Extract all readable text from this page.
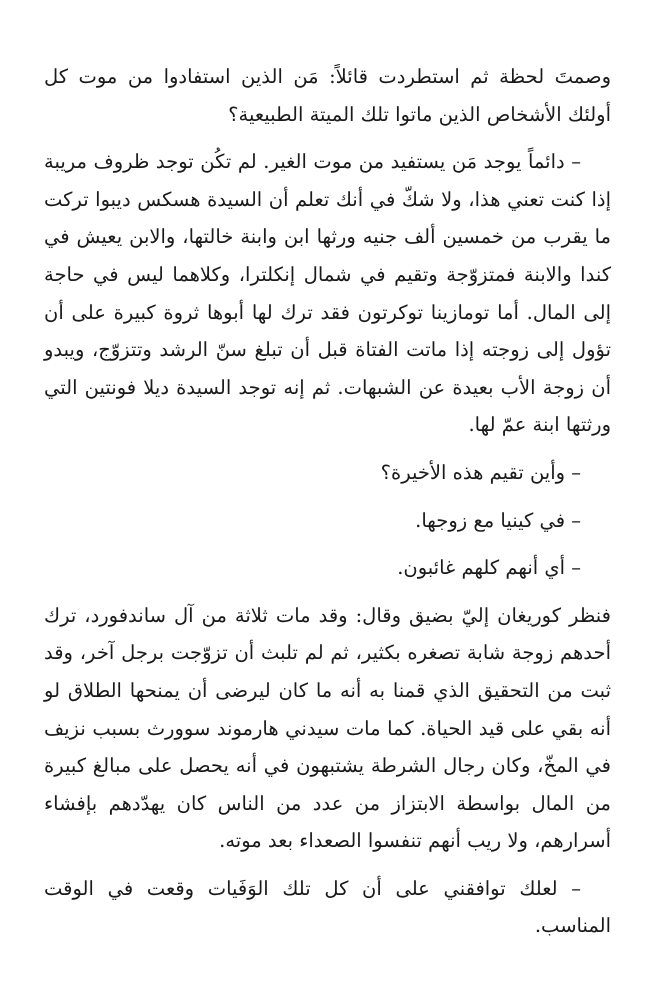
وصمتَ لحظة ثم استطردت قائلاً: مَن الذين استفادوا من موت كل أولئك الأشخاص الذين ماتوا تلك الميتة الطبيعية؟

– دائماً يوجد مَن يستفيد من موت الغير. لم تكُن توجد ظروف مريبة إذا كنت تعني هذا، ولا شكّ في أنك تعلم أن السيدة هسكس ديبوا تركت ما يقرب من خمسين ألف جنيه ورثها ابن وابنة خالتها، والابن يعيش في كندا والابنة فمتزوّجة وتقيم في شمال إنكلترا، وكلاهما ليس في حاجة إلى المال. أما تومازينا توكرتون فقد ترك لها أبوها ثروة كبيرة على أن تؤول إلى زوجته إذا ماتت الفتاة قبل أن تبلغ سنّ الرشد وتتزوّج، ويبدو أن زوجة الأب بعيدة عن الشبهات. ثم إنه توجد السيدة ديلا فونتين التي ورثتها ابنة عمّ لها.

– وأين تقيم هذه الأخيرة؟

– في كينيا مع زوجها.

– أي أنهم كلهم غائبون.

فنظر كوريغان إليّ بضيق وقال: وقد مات ثلاثة من آل ساندفورد، ترك أحدهم زوجة شابة تصغره بكثير، ثم لم تلبث أن تزوّجت برجل آخر، وقد ثبت من التحقيق الذي قمنا به أنه ما كان ليرضى أن يمنحها الطلاق لو أنه بقي على قيد الحياة. كما مات سيدني هارموند سوورث بسبب نزيف في المخّ، وكان رجال الشرطة يشتبهون في أنه يحصل على مبالغ كبيرة من المال بواسطة الابتزاز من عدد من الناس كان يهدّدهم بإفشاء أسرارهم، ولا ريب أنهم تنفسوا الصعداء بعد موته.

– لعلك توافقني على أن كل تلك الوَفَيات وقعت في الوقت المناسب.
